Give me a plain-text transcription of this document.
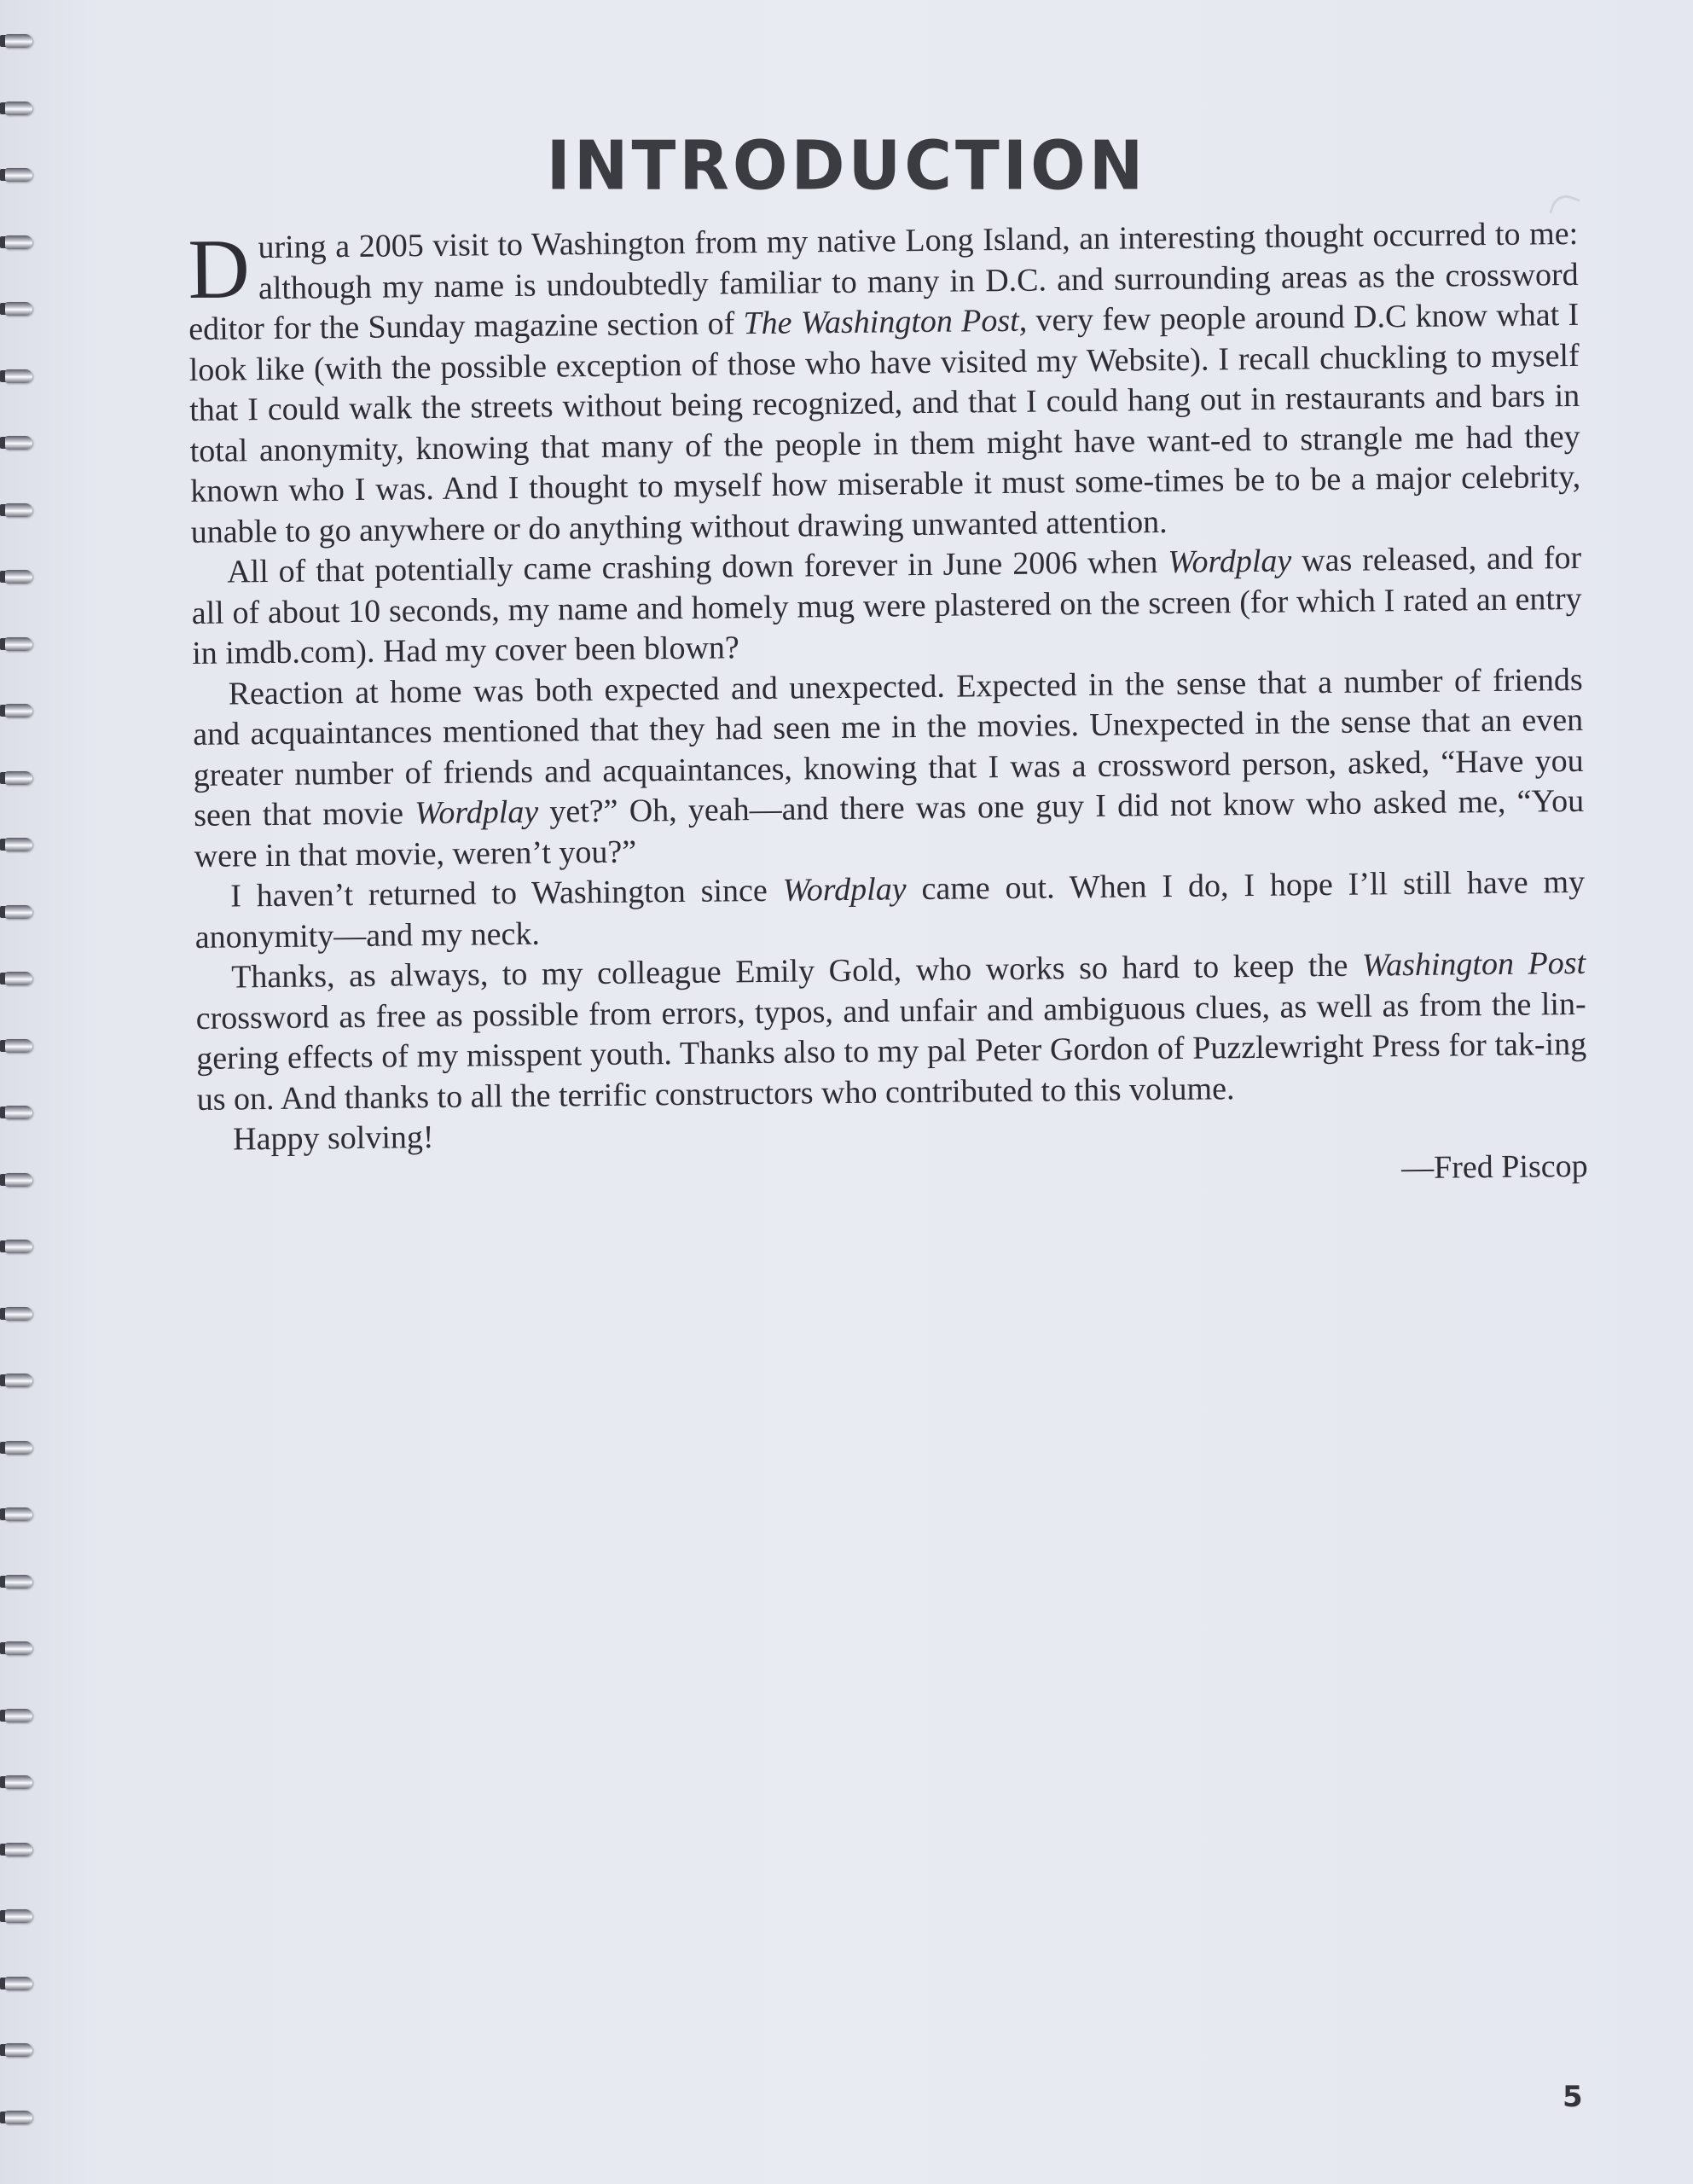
INTRODUCTION

During a 2005 visit to Washington from my native Long Island, an interesting thought occurred to me: although my name is undoubtedly familiar to many in D.C. and surrounding areas as the crossword editor for the Sunday magazine section of The Washington Post, very few people around D.C know what I look like (with the possible exception of those who have visited my Website). I recall chuckling to myself that I could walk the streets without being recognized, and that I could hang out in restaurants and bars in total anonymity, knowing that many of the people in them might have want-ed to strangle me had they known who I was. And I thought to myself how miserable it must some-times be to be a major celebrity, unable to go anywhere or do anything without drawing unwanted attention.

All of that potentially came crashing down forever in June 2006 when Wordplay was released, and for all of about 10 seconds, my name and homely mug were plastered on the screen (for which I rated an entry in imdb.com). Had my cover been blown?

Reaction at home was both expected and unexpected. Expected in the sense that a number of friends and acquaintances mentioned that they had seen me in the movies. Unexpected in the sense that an even greater number of friends and acquaintances, knowing that I was a crossword person, asked, “Have you seen that movie Wordplay yet?” Oh, yeah—and there was one guy I did not know who asked me, “You were in that movie, weren’t you?”

I haven’t returned to Washington since Wordplay came out. When I do, I hope I’ll still have my anonymity—and my neck.

Thanks, as always, to my colleague Emily Gold, who works so hard to keep the Washington Post crossword as free as possible from errors, typos, and unfair and ambiguous clues, as well as from the lin-gering effects of my misspent youth. Thanks also to my pal Peter Gordon of Puzzlewright Press for tak-ing us on. And thanks to all the terrific constructors who contributed to this volume.

Happy solving!

—Fred Piscop

5
